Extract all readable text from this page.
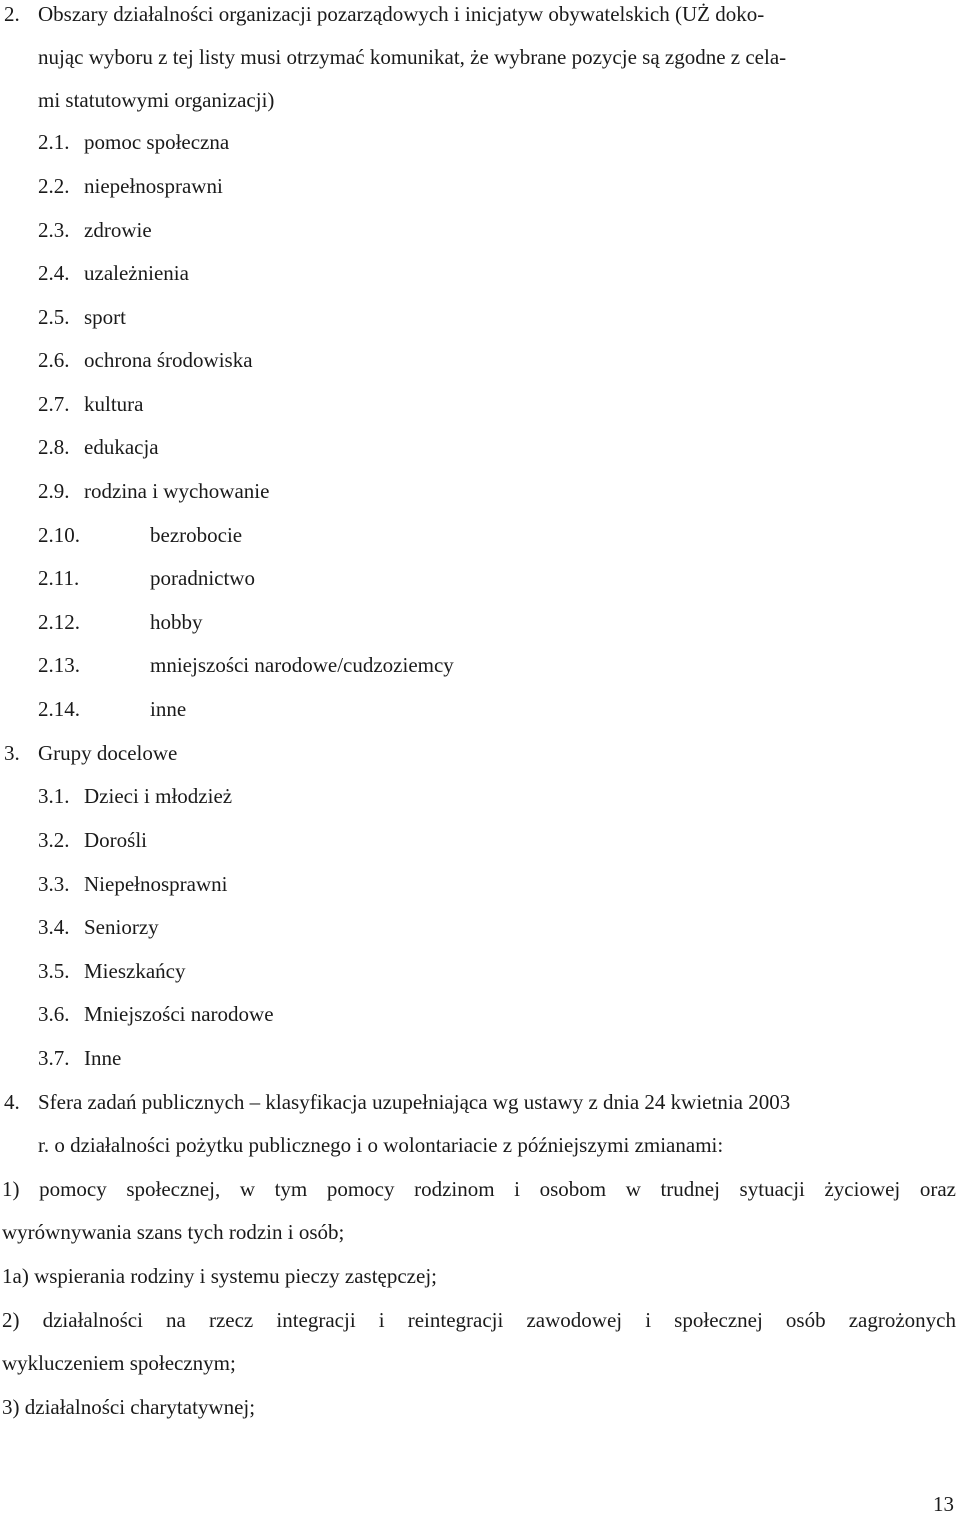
2. Obszary działalności organizacji pozarządowych i inicjatyw obywatelskich (UŻ doko-
nując wyboru z tej listy musi otrzymać komunikat, że wybrane pozycje są zgodne z cela-
mi statutowymi organizacji)
2.1. pomoc społeczna
2.2. niepełnosprawni
2.3. zdrowie
2.4. uzależnienia
2.5. sport
2.6. ochrona środowiska
2.7. kultura
2.8. edukacja
2.9. rodzina i wychowanie
2.10.	bezrobocie
2.11.	poradnictwo
2.12.	hobby
2.13.	mniejszości narodowe/cudzoziemcy
2.14.	inne
3. Grupy docelowe
3.1. Dzieci i młodzież
3.2. Dorośli
3.3. Niepełnosprawni
3.4. Seniorzy
3.5. Mieszkańcy
3.6. Mniejszości narodowe
3.7. Inne
4. Sfera zadań publicznych – klasyfikacja uzupełniająca wg ustawy z dnia 24 kwietnia 2003
r. o działalności pożytku publicznego i o wolontariacie z późniejszymi zmianami:
1) pomocy społecznej, w tym pomocy rodzinom i osobom w trudnej sytuacji życiowej oraz
wyrównywania szans tych rodzin i osób;
1a) wspierania rodziny i systemu pieczy zastępczej;
2) działalności na rzecz integracji i reintegracji zawodowej i społecznej osób zagrożonych
wykluczeniem społecznym;
3) działalności charytatywnej;
13
